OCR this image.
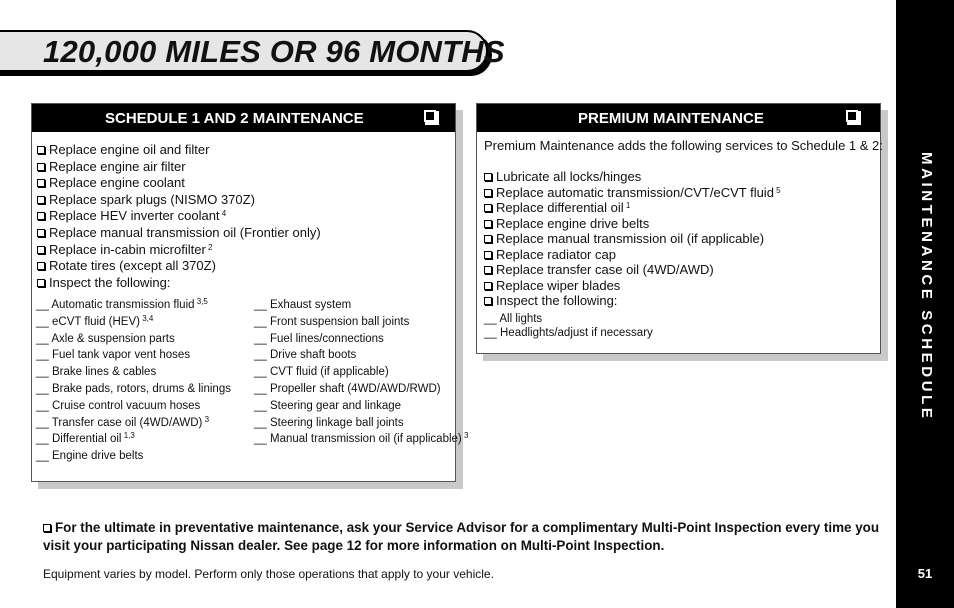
MAINTENANCE SCHEDULE
51
120,000 MILES OR 96 MONTHS
SCHEDULE 1 AND 2 MAINTENANCE
Replace engine oil and filter
Replace engine air filter
Replace engine coolant
Replace spark plugs (NISMO 370Z)
Replace HEV inverter coolant $^4$
Replace manual transmission oil (Frontier only)
Replace in-cabin microfilter $^2$
Rotate tires (except all 370Z)
Inspect the following:
__ Automatic transmission fluid $^{3,5}$
__ eCVT fluid (HEV) $^{3,4}$
__ Axle & suspension parts
__ Fuel tank vapor vent hoses
__ Brake lines & cables
__ Brake pads, rotors, drums & linings
__ Cruise control vacuum hoses
__ Transfer case oil (4WD/AWD) $^3$
__ Differential oil $^{1,3}$
__ Engine drive belts
__ Exhaust system
__ Front suspension ball joints
__ Fuel lines/connections
__ Drive shaft boots
__ CVT fluid (if applicable)
__ Propeller shaft (4WD/AWD/RWD)
__ Steering gear and linkage
__ Steering linkage ball joints
__ Manual transmission oil (if applicable) $^3$
PREMIUM MAINTENANCE
Premium Maintenance adds the following services to Schedule 1 & 2:
Lubricate all locks/hinges
Replace automatic transmission/CVT/eCVT fluid $^5$
Replace differential oil $^1$
Replace engine drive belts
Replace manual transmission oil (if applicable)
Replace radiator cap
Replace transfer case oil (4WD/AWD)
Replace wiper blades
Inspect the following:
__ All lights
__ Headlights/adjust if necessary
For the ultimate in preventative maintenance, ask your Service Advisor for a complimentary Multi-Point Inspection every time you visit your participating Nissan dealer. See page 12 for more information on Multi-Point Inspection.
Equipment varies by model. Perform only those operations that apply to your vehicle.
